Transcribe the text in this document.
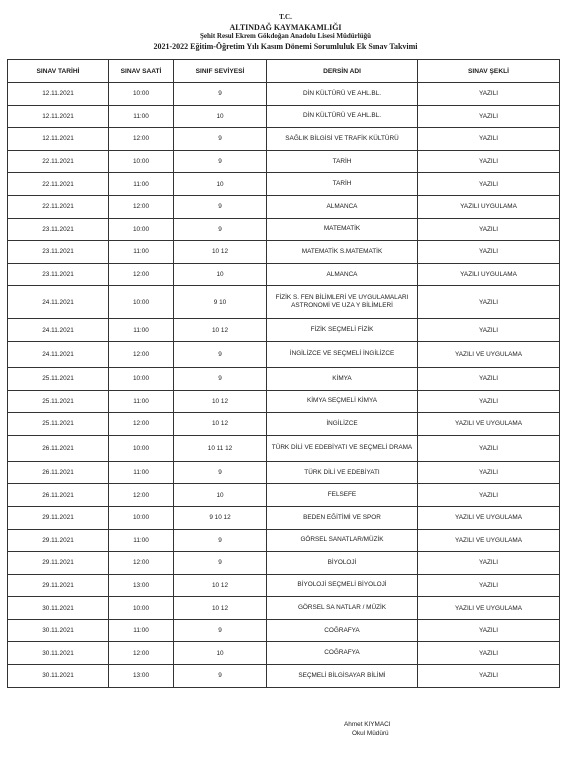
T.C.
ALTINDAĞ KAYMAKAMLIĞI
Şehit Resul Ekrem Gökdoğan Anadolu Lisesi Müdürlüğü
2021-2022 Eğitim-Öğretim Yılı Kasım Dönemi Sorumluluk Ek Sınav Takvimi
SINAV TARİHİ	SINAV SAATİ	SINIF SEVİYESİ	DERSİN ADI	SINAV ŞEKLİ
12.11.2021	10:00	9	DİN KÜLTÜRÜ VE AHL.BL.	YAZILI
12.11.2021	11:00	10	DİN KÜLTÜRÜ VE AHL.BL.	YAZILI
12.11.2021	12:00	9	SAĞLIK BİLGİSİ VE TRAFİK KÜLTÜRÜ	YAZILI
22.11.2021	10:00	9	TARİH	YAZILI
22.11.2021	11:00	10	TARİH	YAZILI
22.11.2021	12:00	9	ALMANCA	YAZILI UYGULAMA
23.11.2021	10:00	9	MATEMATİK	YAZILI
23.11.2021	11:00	10 12	MATEMATİK S.MATEMATİK	YAZILI
23.11.2021	12:00	10	ALMANCA	YAZILI UYGULAMA
24.11.2021	10:00	9 10	FİZİK S. FEN BİLİMLERİ VE UYGULAMALARI ASTRONOMİ VE UZA Y BİLİMLERİ	YAZILI
24.11.2021	11:00	10 12	FİZİK SEÇMELİ FİZİK	YAZILI
24.11.2021	12:00	9	İNGİLİZCE VE SEÇMELİ İNGİLİZCE	YAZILI VE UYGULAMA
25.11.2021	10:00	9	KİMYA	YAZILI
25.11.2021	11:00	10 12	KİMYA SEÇMELİ KİMYA	YAZILI
25.11.2021	12:00	10 12	İNGİLİZCE	YAZILI VE UYGULAMA
26.11.2021	10:00	10 11 12	TÜRK DİLİ VE EDEBİYATI VE SEÇMELİ DRAMA	YAZILI
26.11.2021	11:00	9	TÜRK DİLİ VE EDEBİYATI	YAZILI
26.11.2021	12:00	10	FELSEFE	YAZILI
29.11.2021	10:00	9 10 12	BEDEN EĞİTİMİ VE SPOR	YAZILI VE UYGULAMA
29.11.2021	11:00	9	GÖRSEL SANATLAR/MÜZİK	YAZILI VE UYGULAMA
29.11.2021	12:00	9	BİYOLOJİ	YAZILI
29.11.2021	13:00	10 12	BİYOLOJİ SEÇMELİ BİYOLOJİ	YAZILI
30.11.2021	10:00	10 12	GÖRSEL SA NATLAR / MÜZİK	YAZILI VE UYGULAMA
30.11.2021	11:00	9	COĞRAFYA	YAZILI
30.11.2021	12:00	10	COĞRAFYA	YAZILI
30.11.2021	13:00	9	SEÇMELİ BİLGİSAYAR BİLİMİ	YAZILI
Ahmet KIYMACI
Okul Müdürü
